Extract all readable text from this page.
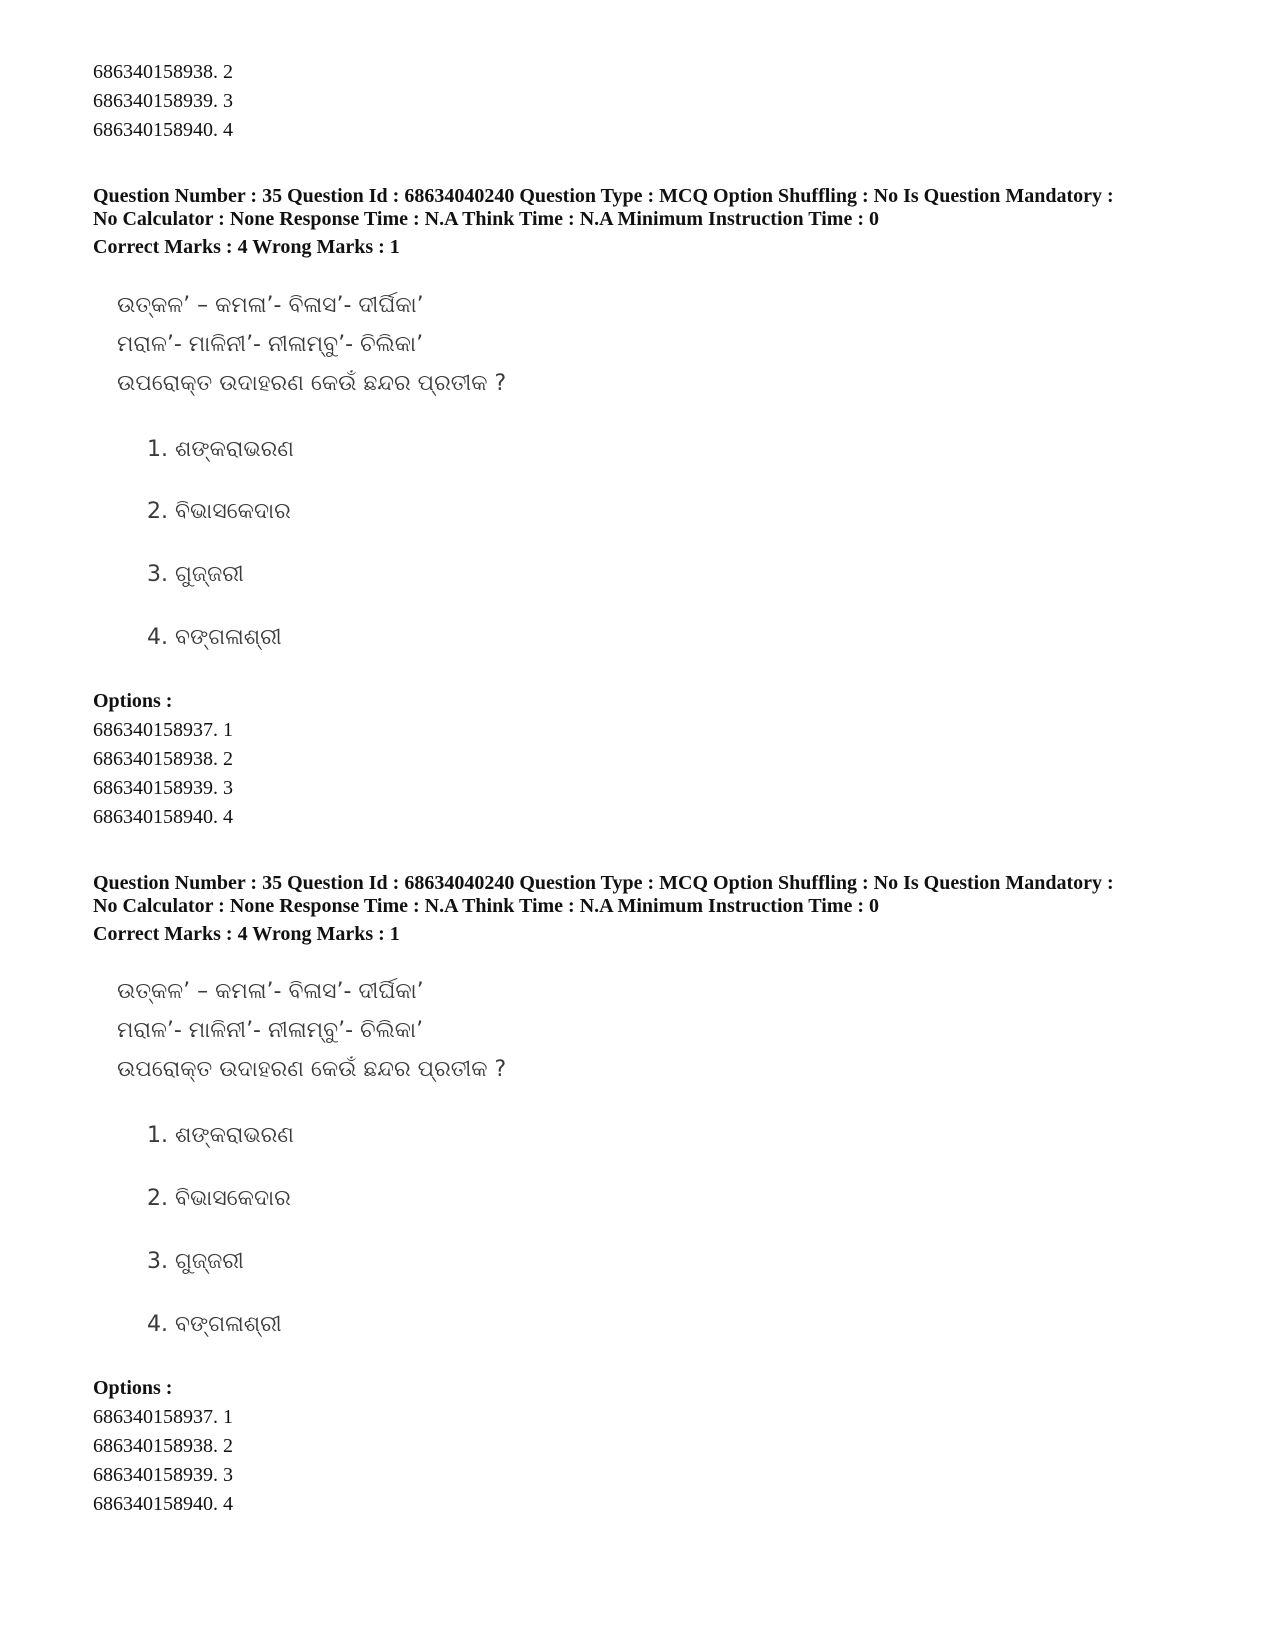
686340158938. 2
686340158939. 3
686340158940. 4
Question Number : 35 Question Id : 68634040240 Question Type : MCQ Option Shuffling : No Is Question Mandatory :
No Calculator : None Response Time : N.A Think Time : N.A Minimum Instruction Time : 0
Correct Marks : 4 Wrong Marks : 1
ଉତ୍କଳ’ – କମଳା’- ବିଳାସ’- ଦୀର୍ଘିକା’
ମରାଳ’- ମାଳିନୀ’- ନୀଳାମ୍ବୁ’- ଚିଲିକା’
ଉପରୋକ୍ତ ଉଦାହରଣ କେଉଁ ଛନ୍ଦର ପ୍ରତୀକ ?
1. ଶଙ୍କରାଭରଣ
2. ବିଭାସକେଦାର
3. ଗୁଜ୍ଜରୀ
4. ବଙ୍ଗଳାଶ୍ରୀ
Options :
686340158937. 1
686340158938. 2
686340158939. 3
686340158940. 4
Question Number : 35 Question Id : 68634040240 Question Type : MCQ Option Shuffling : No Is Question Mandatory :
No Calculator : None Response Time : N.A Think Time : N.A Minimum Instruction Time : 0
Correct Marks : 4 Wrong Marks : 1
ଉତ୍କଳ’ – କମଳା’- ବିଳାସ’- ଦୀର୍ଘିକା’
ମରାଳ’- ମାଳିନୀ’- ନୀଳାମ୍ବୁ’- ଚିଲିକା’
ଉପରୋକ୍ତ ଉଦାହରଣ କେଉଁ ଛନ୍ଦର ପ୍ରତୀକ ?
1. ଶଙ୍କରାଭରଣ
2. ବିଭାସକେଦାର
3. ଗୁଜ୍ଜରୀ
4. ବଙ୍ଗଳାଶ୍ରୀ
Options :
686340158937. 1
686340158938. 2
686340158939. 3
686340158940. 4
